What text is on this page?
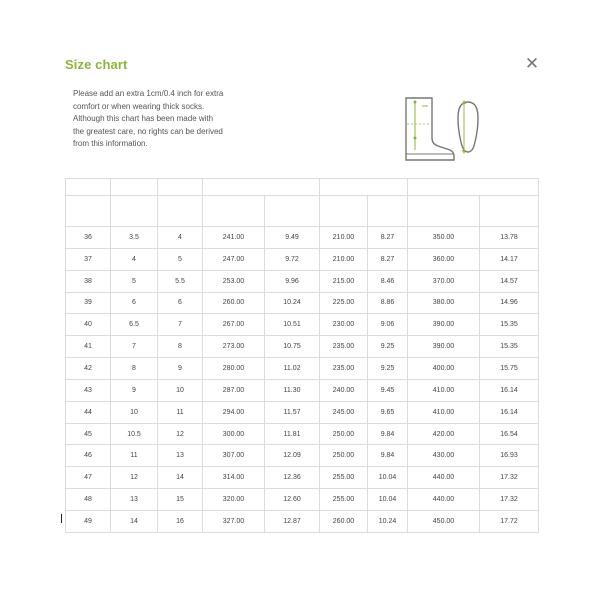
Size chart	✕
Please add an extra 1cm/0.4 inch for extra
comfort or when wearing thick socks.
Although this chart has been made with
the greatest care, no rights can be derived
from this information.

36	3.5	4	241.00	9.49	210.00	8.27	350.00	13.78
37	4	5	247.00	9.72	210.00	8.27	360.00	14.17
38	5	5.5	253.00	9.96	215.00	8.46	370.00	14.57
39	6	6	260.00	10.24	225.00	8.86	380.00	14.96
40	6.5	7	267.00	10.51	230.00	9.06	390.00	15.35
41	7	8	273.00	10.75	235.00	9.25	390.00	15.35
42	8	9	280.00	11.02	235.00	9.25	400.00	15.75
43	9	10	287.00	11.30	240.00	9.45	410.00	16.14
44	10	11	294.00	11.57	245.00	9.65	410.00	16.14
45	10.5	12	300.00	11.81	250.00	9.84	420.00	16.54
46	11	13	307.00	12.09	250.00	9.84	430.00	16.93
47	12	14	314.00	12.36	255.00	10.04	440.00	17.32
48	13	15	320.00	12.60	255.00	10.04	440.00	17.32
49	14	16	327.00	12.87	260.00	10.24	450.00	17.72
